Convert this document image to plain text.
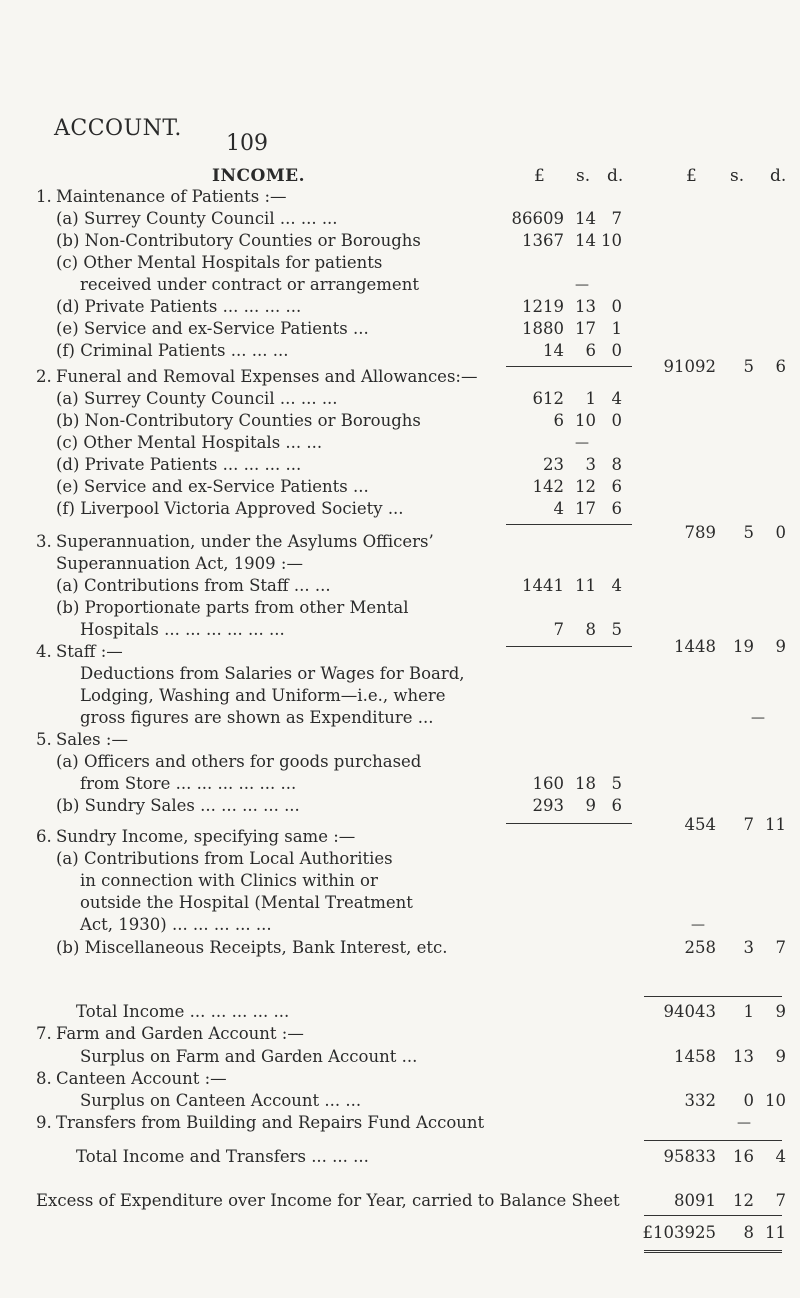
ACCOUNT.
109
INCOME.	£ s. d.	£ s. d.
1. Maintenance of Patients :—
(a) Surrey County Council ... ... ...	86609 14 7
(b) Non-Contributory Counties or Boroughs	1367 14 10
(c) Other Mental Hospitals for patients
received under contract or arrangement	—
(d) Private Patients ... ... ... ...	1219 13 0
(e) Service and ex-Service Patients ...	1880 17 1
(f) Criminal Patients ... ... ...	14	6 0
91092	5	6
2. Funeral and Removal Expenses and Allowances:—
(a) Surrey County Council ... ... ...	612	1 4
(b) Non-Contributory Counties or Boroughs	6 10 0
(c) Other Mental Hospitals ... ...	—
(d) Private Patients ... ... ... ...	23	3 8
(e) Service and ex-Service Patients ...	142 12 6
(f) Liverpool Victoria Approved Society ...	4 17 6
789	5	0
3. Superannuation, under the Asylums Officers’
Superannuation Act, 1909 :—
(a) Contributions from Staff ... ...	1441 11 4
(b) Proportionate parts from other Mental
Hospitals ... ... ... ... ... ...	7	8 5
1448	19	9
4. Staff :—
Deductions from Salaries or Wages for Board,
Lodging, Washing and Uniform—i.e., where
gross figures are shown as Expenditure ...	—
5. Sales :—
(a) Officers and others for goods purchased
from Store ... ... ... ... ... ...	160 18 5
(b) Sundry Sales ... ... ... ... ...	293	9 6
454	7 11
6. Sundry Income, specifying same :—
(a) Contributions from Local Authorities
in connection with Clinics within or
outside the Hospital (Mental Treatment
Act, 1930) ... ... ... ... ...	—
(b) Miscellaneous Receipts, Bank Interest, etc.	258	3	7
Total Income ... ... ... ... ...	94043	1	9
7. Farm and Garden Account :—
Surplus on Farm and Garden Account ...	1458	13	9
8. Canteen Account :—
Surplus on Canteen Account ... ...	332	0 10
9. Transfers from Building and Repairs Fund Account	—
Total Income and Transfers ... ... ...	95833	16	4
Excess of Expenditure over Income for Year, carried to Balance Sheet	8091	12	7
£103925	8 11
